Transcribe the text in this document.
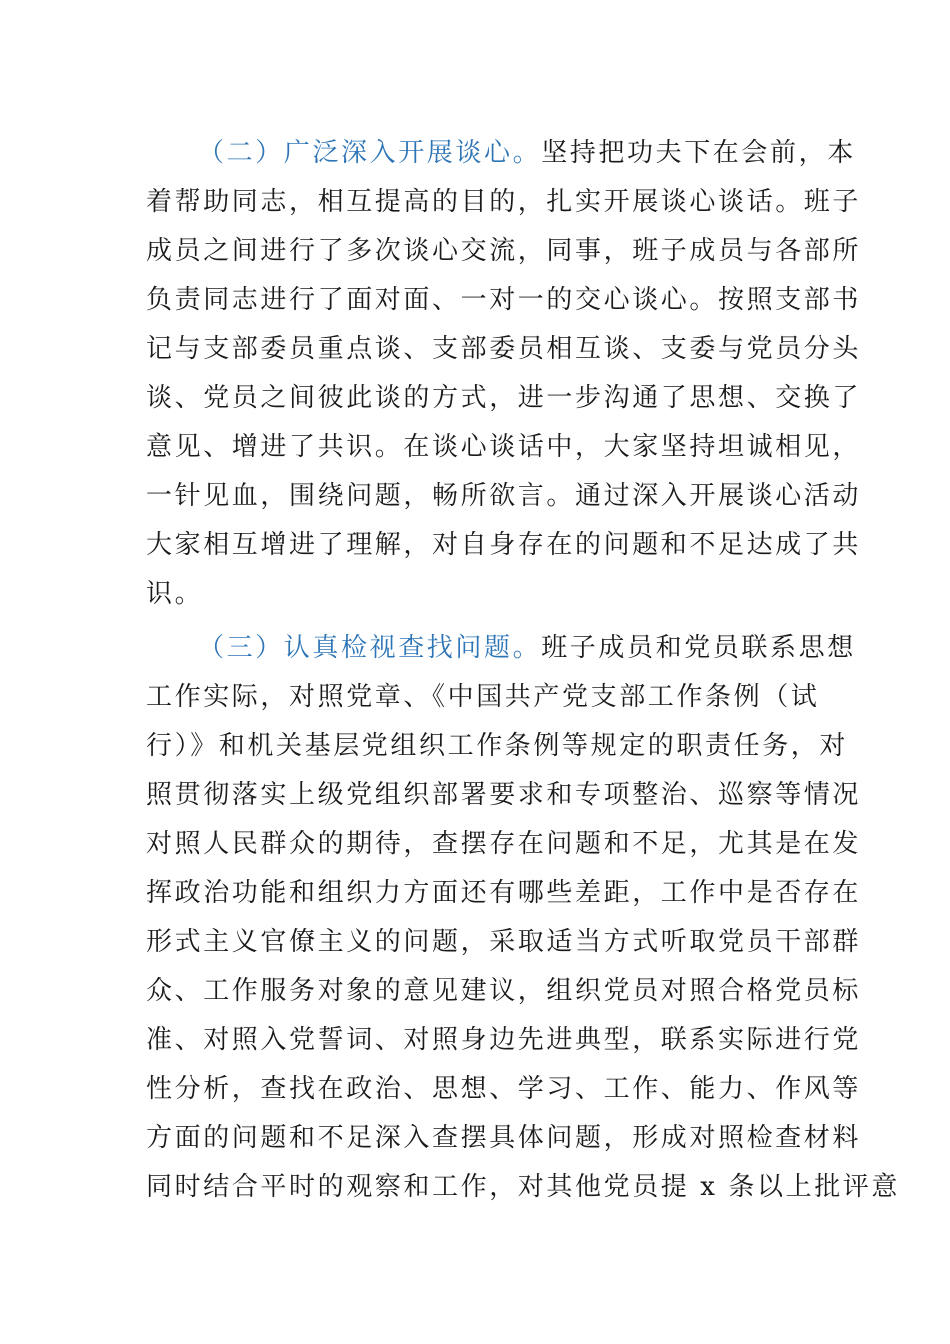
（二）广泛深入开展谈心。坚持把功夫下在会前，本
着帮助同志，相互提高的目的，扎实开展谈心谈话。班子
成员之间进行了多次谈心交流，同事，班子成员与各部所
负责同志进行了面对面、一对一的交心谈心。按照支部书
记与支部委员重点谈、支部委员相互谈、支委与党员分头
谈、党员之间彼此谈的方式，进一步沟通了思想、交换了
意见、增进了共识。在谈心谈话中，大家坚持坦诚相见，
一针见血，围绕问题，畅所欲言。通过深入开展谈心活动
大家相互增进了理解，对自身存在的问题和不足达成了共
识。
（三）认真检视查找问题。班子成员和党员联系思想
工作实际，对照党章、《中国共产党支部工作条例（试
行）》和机关基层党组织工作条例等规定的职责任务，对
照贯彻落实上级党组织部署要求和专项整治、巡察等情况
对照人民群众的期待，查摆存在问题和不足，尤其是在发
挥政治功能和组织力方面还有哪些差距，工作中是否存在
形式主义官僚主义的问题，采取适当方式听取党员干部群
众、工作服务对象的意见建议，组织党员对照合格党员标
准、对照入党誓词、对照身边先进典型，联系实际进行党
性分析，查找在政治、思想、学习、工作、能力、作风等
方面的问题和不足深入查摆具体问题，形成对照检查材料
同时结合平时的观察和工作，对其他党员提 x 条以上批评意
